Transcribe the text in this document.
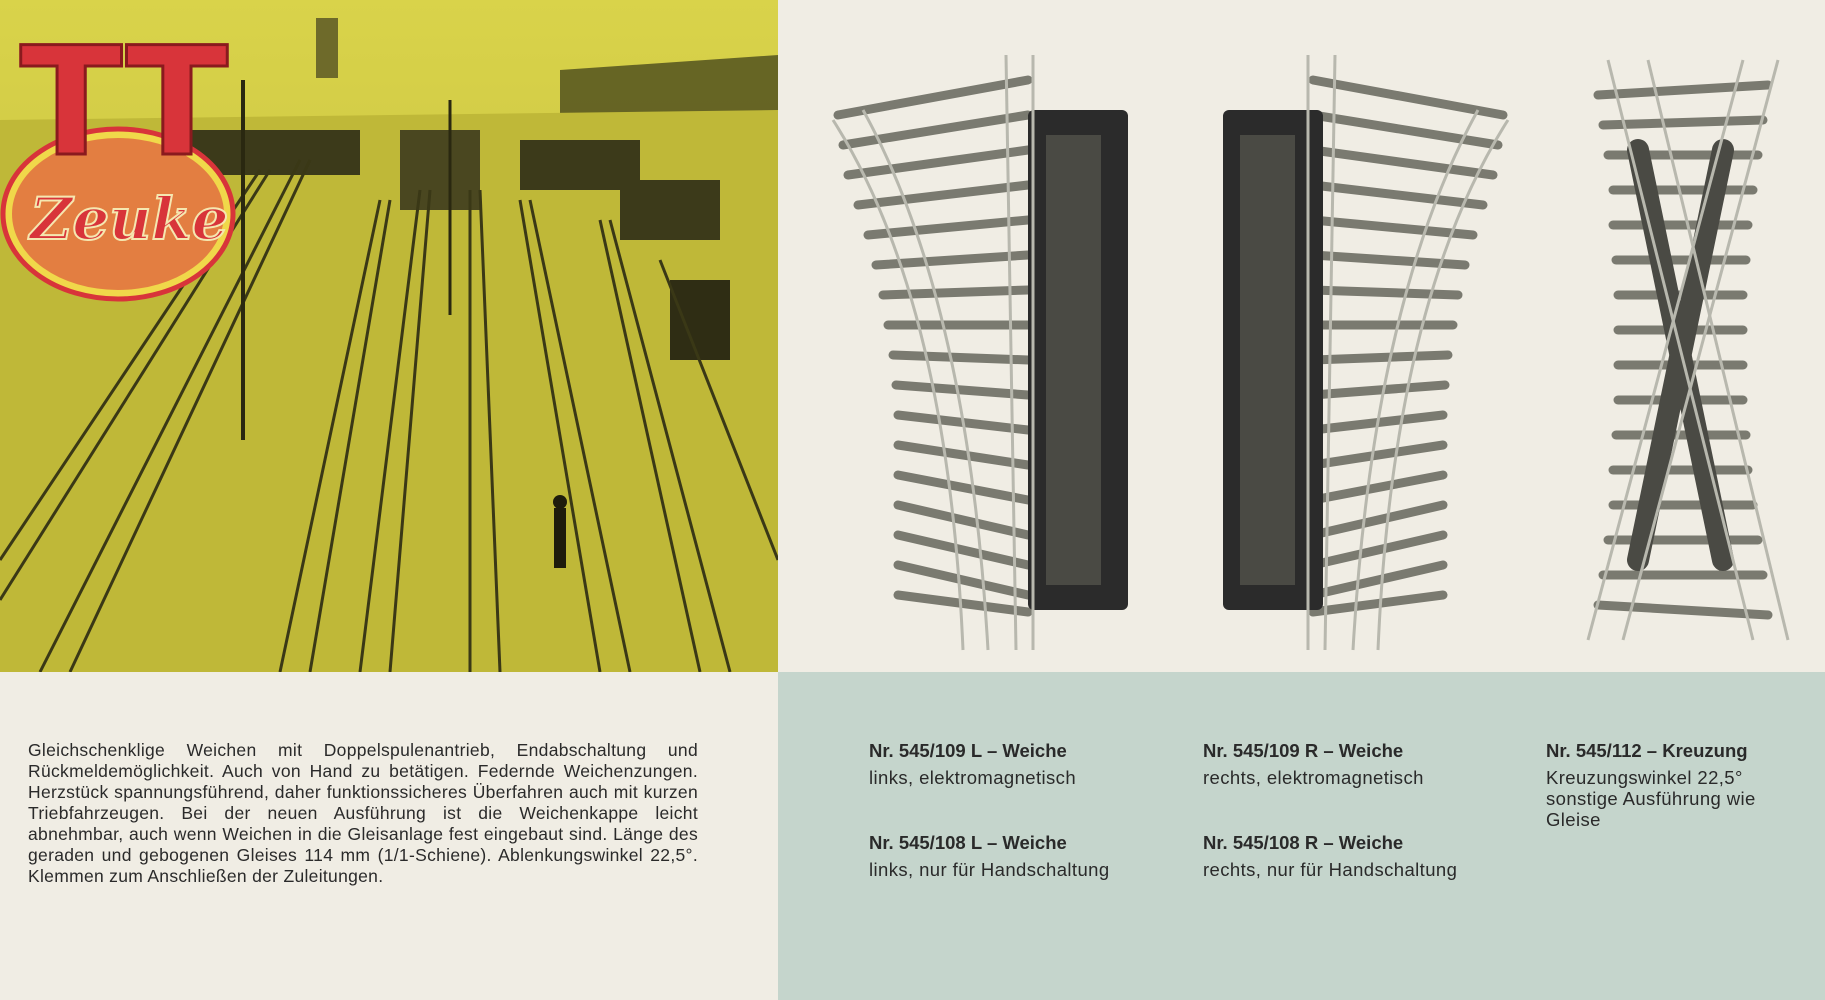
TT
Zeuke
Gleichschenklige Weichen mit Doppelspulenantrieb, Endabschaltung und Rückmeldemöglichkeit. Auch von Hand zu betätigen. Federnde Weichenzungen. Herzstück spannungsführend, daher funktionssicheres Überfahren auch mit kurzen Triebfahrzeugen. Bei der neuen Ausführung ist die Weichenkappe leicht abnehmbar, auch wenn Weichen in die Gleisanlage fest eingebaut sind. Länge des geraden und gebogenen Gleises 114 mm (1/1-Schiene). Ablenkungswinkel 22,5°. Klemmen zum Anschließen der Zuleitungen.
Nr. 545/109 L – Weiche
links, elektromagnetisch
Nr. 545/108 L – Weiche
links, nur für Handschaltung
Nr. 545/109 R – Weiche
rechts, elektromagnetisch
Nr. 545/108 R – Weiche
rechts, nur für Handschaltung
Nr. 545/112 – Kreuzung
Kreuzungswinkel 22,5° sonstige Ausführung wie Gleise
